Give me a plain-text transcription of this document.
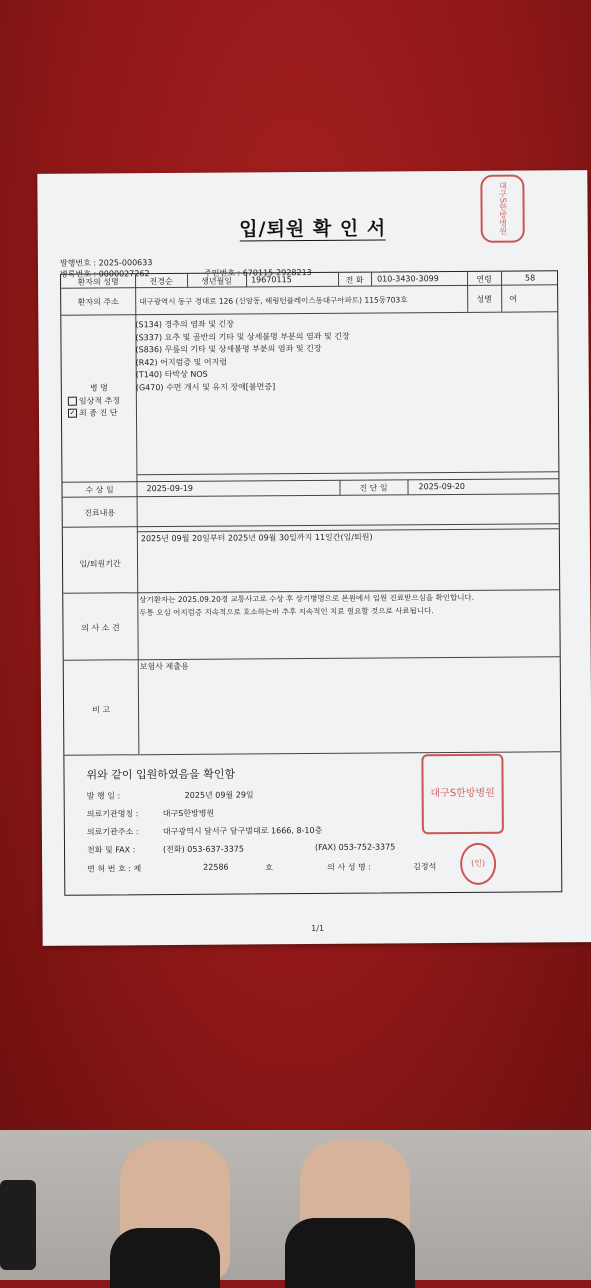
입/퇴원 확 인 서	대구S한방병원
발행번호 : 2025-000633
병록번호 : 0000027262	주민번호 : 670115-2928213
환자의 성명	전경순	생년월일	19670115	전 화	010-3430-3099	연령	58
환자의 주소	대구광역시 동구 경대로 126 (신암동, 해링턴플레이스동대구아파트) 115동703호	성별	여
병 명
임상적 추정
✓ 최 종 진 단
(S134) 경추의 염좌 및 긴장
(S337) 요추 및 골반의 기타 및 상세불명 부분의 염좌 및 긴장
(S836) 무릎의 기타 및 상세불명 부분의 염좌 및 긴장
(R42) 어지럼증 및 어지럼
(T140) 타박상 NOS
(G470) 수면 개시 및 유지 장애[불면증]
수 상 일	2025-09-19	진 단 일	2025-09-20
진료내용
입/퇴원기간
2025년 09월 20일부터 2025년 09월 30일까지 11일간(입/퇴원)
의 사 소 견
상기환자는 2025.09.20경 교통사고로 수상 후 상기병명으로 본원에서 입원 진료받으심을 확인합니다.
두통 오심 어지럼증 지속적으로 호소하는바 추후 지속적인 치료 필요할 것으로 사료됩니다.
비 고
보험사 제출용
위와 같이 입원하였음을 확인함
발 행 일 :	2025년 09월 29일
의료기관명칭 :	대구S한방병원
의료기관주소 :	대구광역시 달서구 달구벌대로 1666, 8-10층
전화 및 FAX :	(전화) 053-637-3375	(FAX) 053-752-3375
면 허 번 호 : 제	22586	호	의 사 성 명 :	김정석
대구S한방병원
(인)
1/1
